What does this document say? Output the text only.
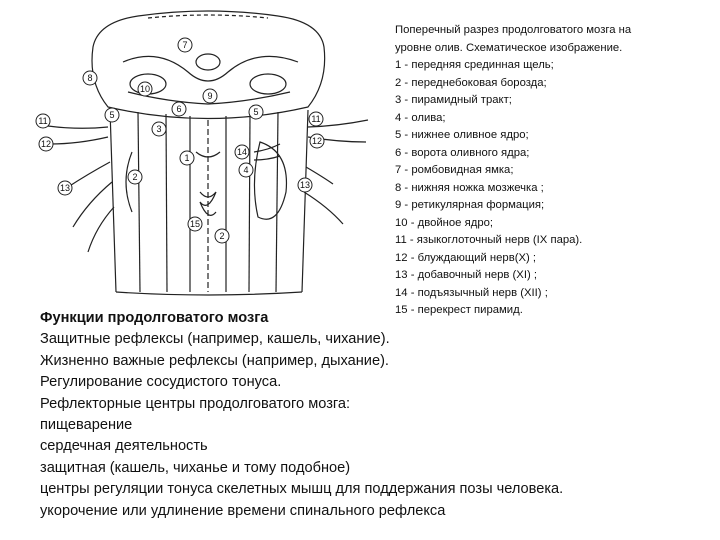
7
8
10
9
6
5	5
3
1
2
4
14
2
15
11
12
13
11
12
13
Поперечный разрез продолговатого мозга на
уровне олив. Схематическое изображение.
1 - передняя срединная щель;
2 - переднебоковая борозда;
3 - пирамидный тракт;
4 - олива;
5 - нижнее оливное ядро;
6 - ворота оливного ядра;
7 - ромбовидная ямка;
8 - нижняя ножка мозжечка ;
9 - ретикулярная формация;
10 - двойное ядро;
11 - языкоглоточный нерв (IX пара).
12 - блуждающий нерв(X) ;
13 - добавочный нерв (XI) ;
14 - подъязычный нерв (XII) ;
15 - перекрест пирамид.
Функции продолговатого мозга
Защитные рефлексы (например, кашель, чихание).
Жизненно важные рефлексы (например, дыхание).
Регулирование сосудистого тонуса.
Рефлекторные центры продолговатого мозга:
пищеварение
сердечная деятельность
защитная (кашель, чиханье и тому подобное)
центры регуляции тонуса скелетных мышц для поддержания позы человека.
укорочение или удлинение времени спинального рефлекса
